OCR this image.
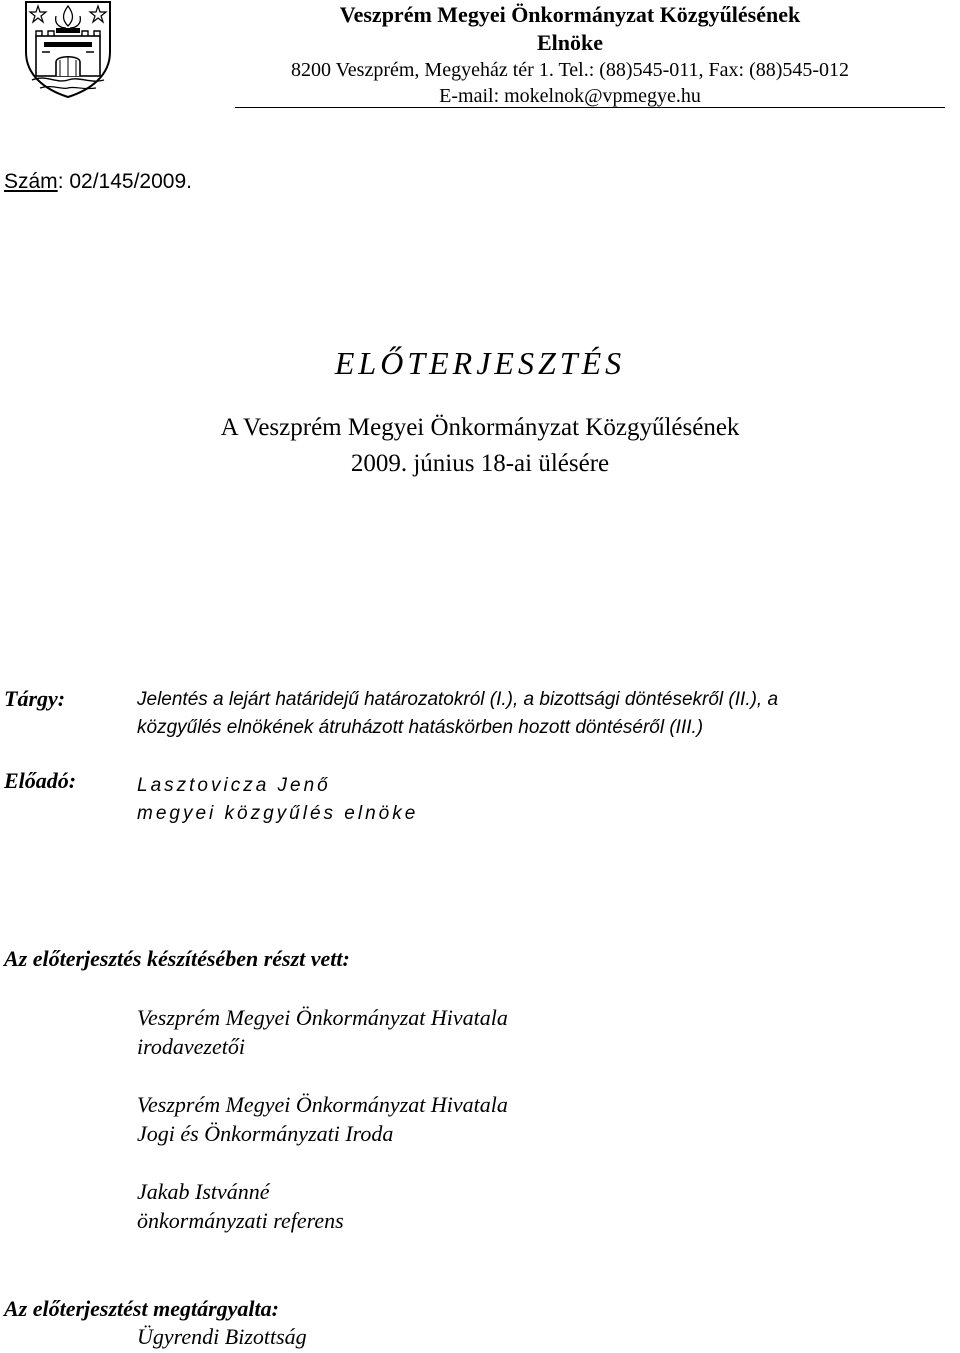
Veszprém Megyei Önkormányzat Közgyűlésének
Elnöke
8200 Veszprém, Megyeház tér 1. Tel.: (88)545-011, Fax: (88)545-012
E-mail: mokelnok@vpmegye.hu
Szám: 02/145/2009.
ELŐTERJESZTÉS
A Veszprém Megyei Önkormányzat Közgyűlésének
2009. június 18-ai ülésére
Tárgy:	Jelentés a lejárt határidejű határozatokról (I.), a bizottsági döntésekről (II.), a
közgyűlés elnökének átruházott hatáskörben hozott döntéséről (III.)
Előadó:	Lasztovicza Jenő
megyei közgyűlés elnöke
Az előterjesztés készítésében részt vett:
Veszprém Megyei Önkormányzat Hivatala
irodavezetői
Veszprém Megyei Önkormányzat Hivatala
Jogi és Önkormányzati Iroda
Jakab Istvánné
önkormányzati referens
Az előterjesztést megtárgyalta:
Ügyrendi Bizottság
